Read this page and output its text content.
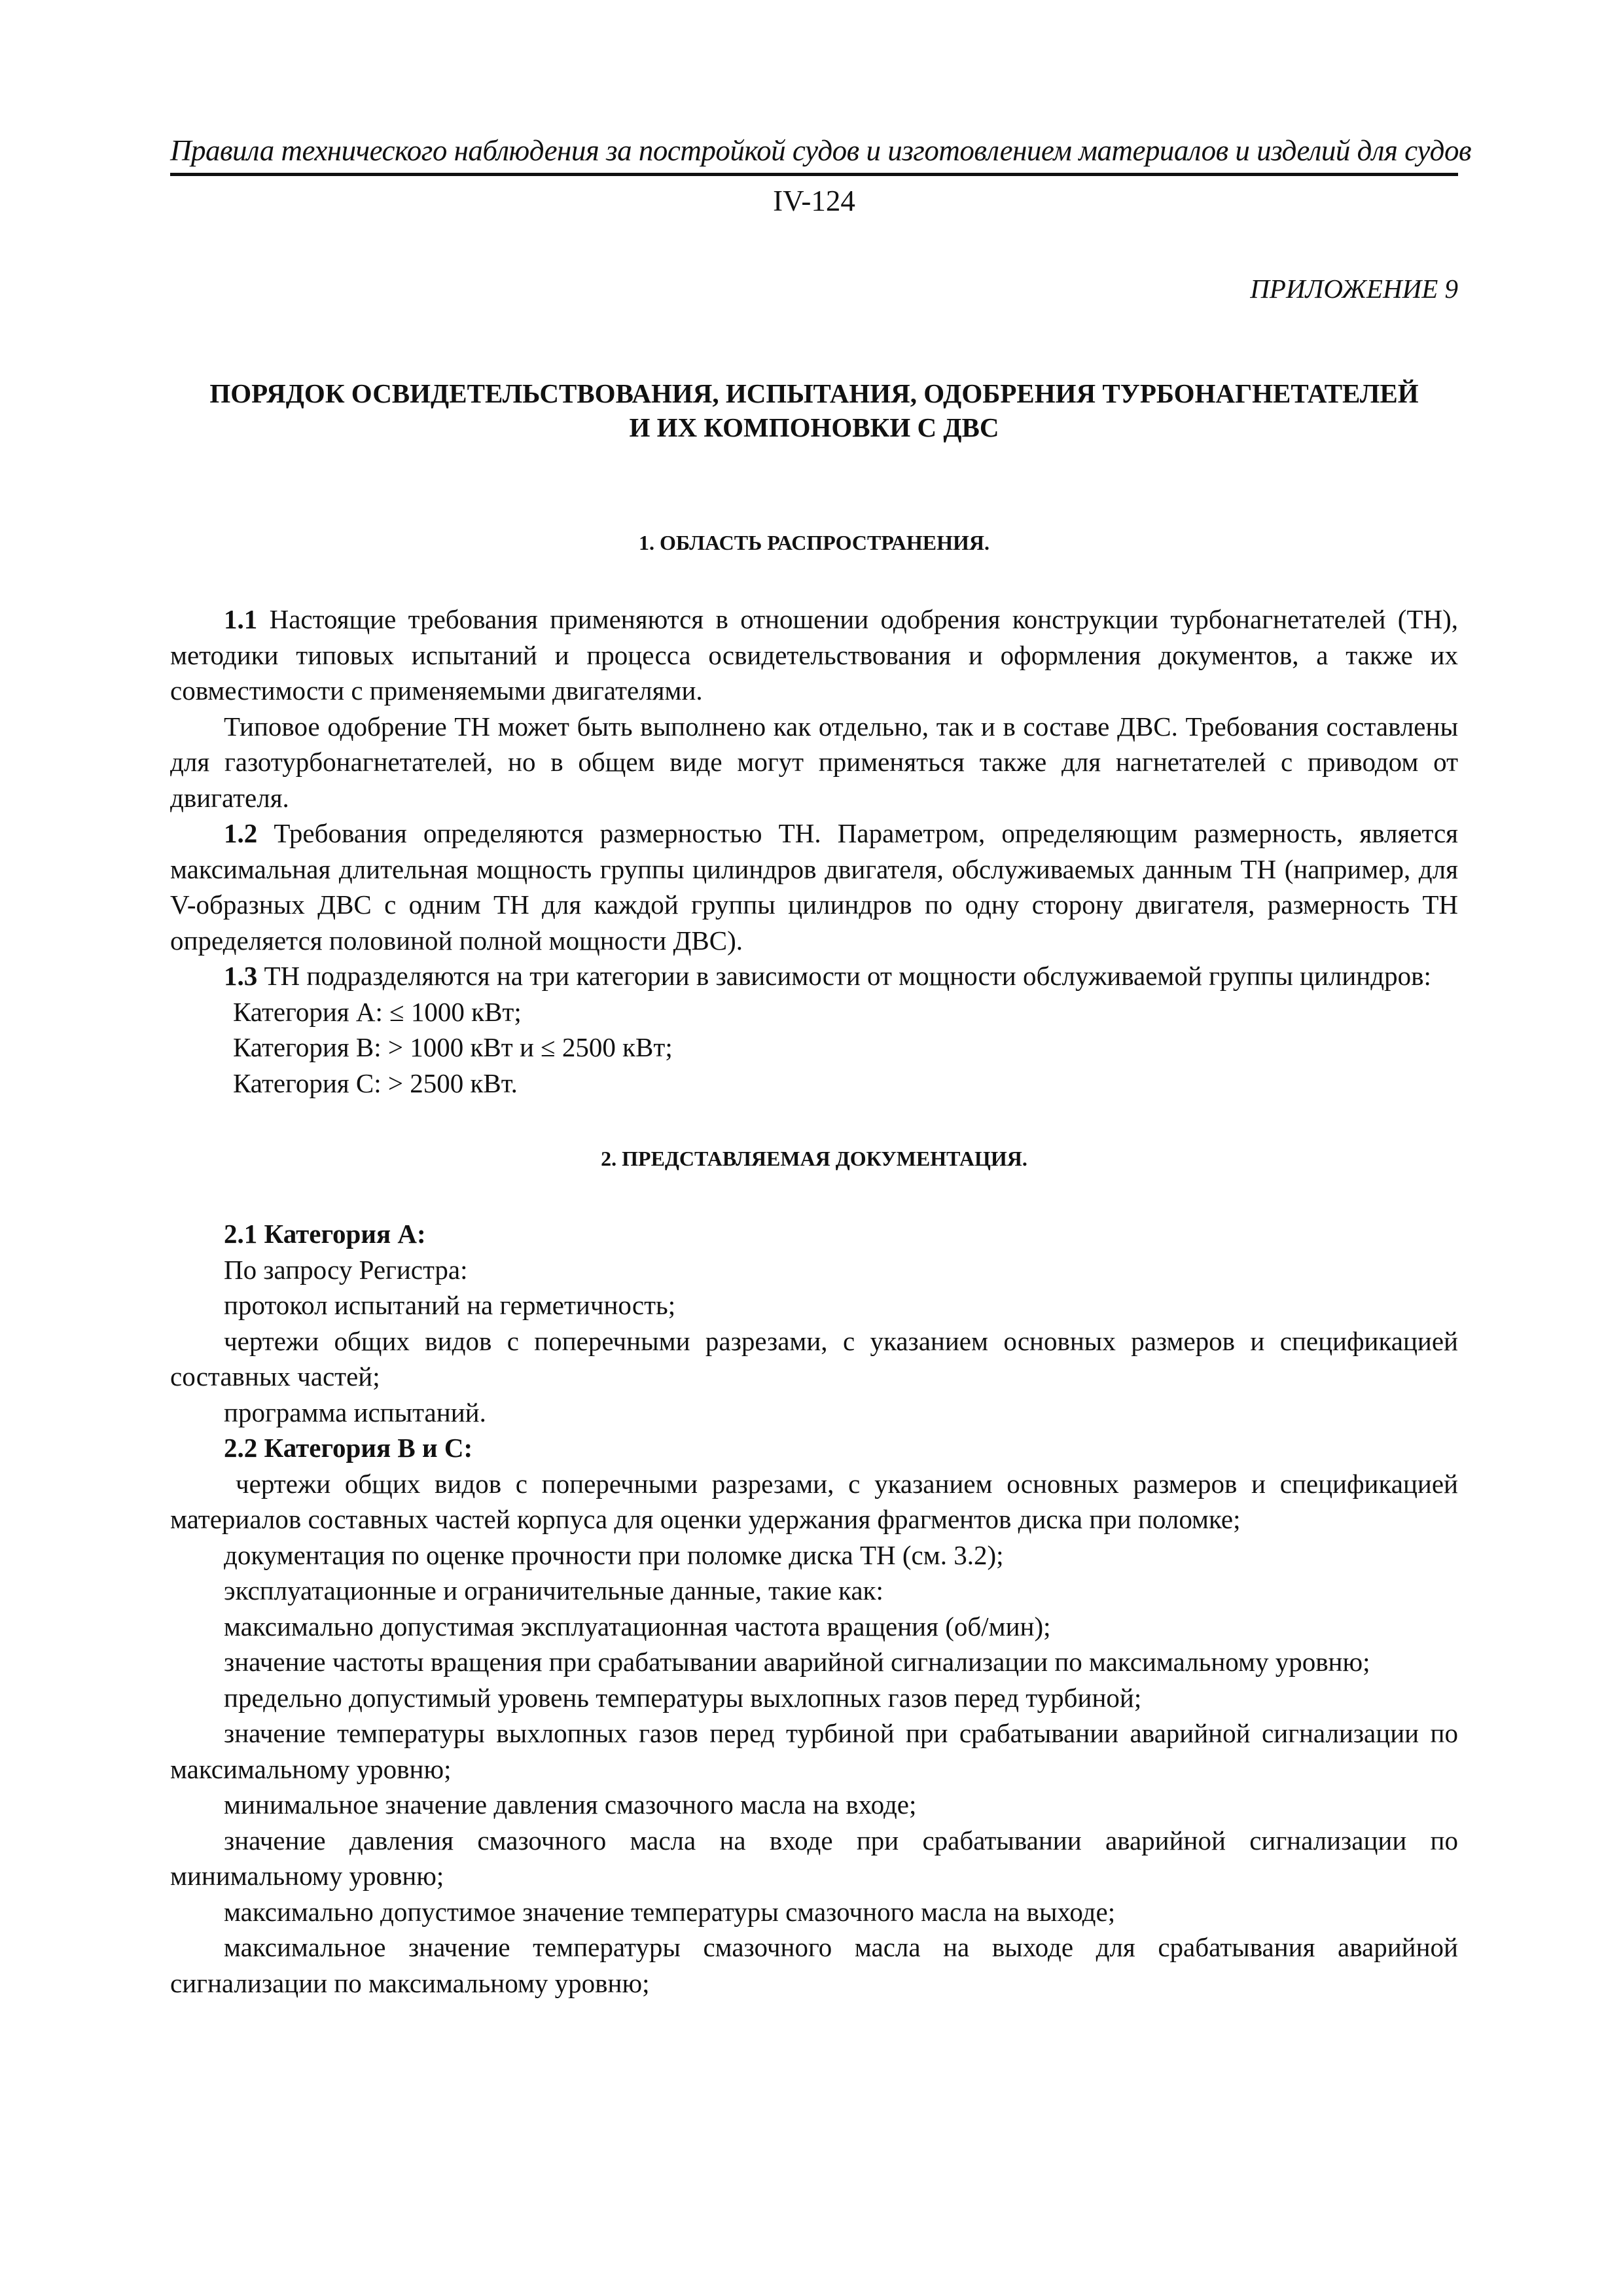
Правила технического наблюдения за постройкой судов и изготовлением материалов и изделий для судов
IV-124
ПРИЛОЖЕНИЕ 9
ПОРЯДОК ОСВИДЕТЕЛЬСТВОВАНИЯ, ИСПЫТАНИЯ, ОДОБРЕНИЯ ТУРБОНАГНЕТАТЕЛЕЙ
И ИХ КОМПОНОВКИ С ДВС
1. ОБЛАСТЬ РАСПРОСТРАНЕНИЯ.

1.1 Настоящие требования применяются в отношении одобрения конструкции турбонагнетателей (ТН), методики типовых испытаний и процесса освидетельствования и оформления документов, а также их совместимости с применяемыми двигателями.

Типовое одобрение ТН может быть выполнено как отдельно, так и в составе ДВС. Требования составлены для газотурбонагнетателей, но в общем виде могут применяться также для нагнетателей с приводом от двигателя.

1.2 Требования определяются размерностью ТН. Параметром, определяющим размерность, является максимальная длительная мощность группы цилиндров двигателя, обслуживаемых данным ТН (например, для V-образных ДВС с одним ТН для каждой группы цилиндров по одну сторону двигателя, размерность ТН определяется половиной полной мощности ДВС).

1.3 ТН подразделяются на три категории в зависимости от мощности обслуживаемой группы цилиндров:

Категория А: ≤ 1000 кВт;

Категория В: > 1000 кВт и ≤ 2500 кВт;

Категория С: > 2500 кВт.

2. ПРЕДСТАВЛЯЕМАЯ ДОКУМЕНТАЦИЯ.

2.1 Категория А:

По запросу Регистра:

протокол испытаний на герметичность;

чертежи общих видов с поперечными разрезами, с указанием основных размеров и спецификацией составных частей;

программа испытаний.

2.2 Категория В и С:

чертежи общих видов с поперечными разрезами, с указанием основных размеров и спецификацией материалов составных частей корпуса для оценки удержания фрагментов диска при поломке;

документация по оценке прочности при поломке диска ТН (см. 3.2);

эксплуатационные и ограничительные данные, такие как:

максимально допустимая эксплуатационная частота вращения (об/мин);

значение частоты вращения при срабатывании аварийной сигнализации по максимальному уровню;

предельно допустимый уровень температуры выхлопных газов перед турбиной;

значение температуры выхлопных газов перед турбиной при срабатывании аварийной сигнализации по максимальному уровню;

минимальное значение давления смазочного масла на входе;

значение давления смазочного масла на входе при срабатывании аварийной сигнализации по минимальному уровню;

максимально допустимое значение температуры смазочного масла на выходе;

максимальное значение температуры смазочного масла на выходе для срабатывания аварийной сигнализации по максимальному уровню;
